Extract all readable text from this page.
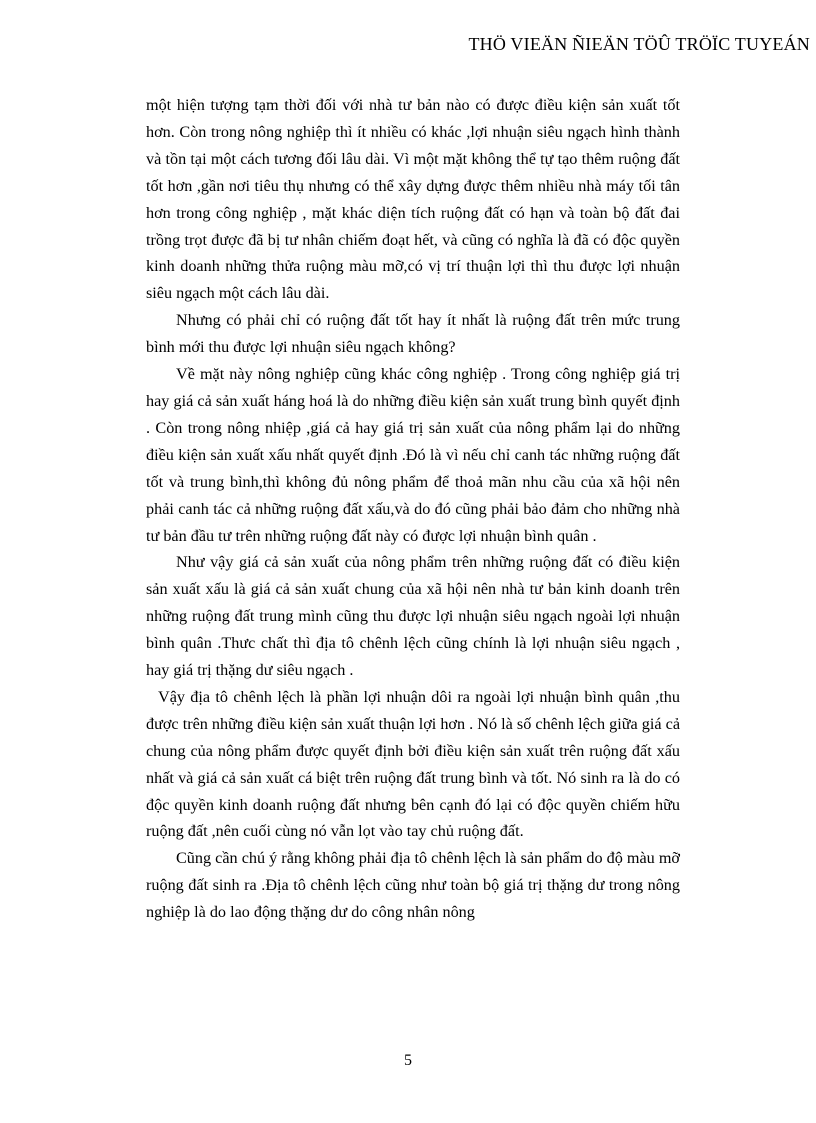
THÖ VIEÄN ÑIEÄN TÖÛ TRÖÏC TUYEÁN

một hiện tượng tạm thời đối với nhà tư bản nào có được điều kiện sản xuất tốt hơn. Còn trong nông nghiệp thì ít nhiều có khác ,lợi nhuận siêu ngạch hình thành và tồn tại một cách tương đối lâu dài. Vì một mặt không thể tự tạo thêm ruộng đất tốt hơn ,gần nơi tiêu thụ nhưng có thể xây dựng được thêm nhiều nhà máy tối tân hơn trong công nghiệp , mặt khác diện tích ruộng đất có hạn và toàn bộ đất đai trồng trọt được đã bị tư nhân chiếm đoạt hết, và cũng có nghĩa là đã có độc quyền kinh doanh những thửa ruộng màu mỡ,có vị trí thuận lợi thì thu được lợi nhuận siêu ngạch một cách lâu dài.

Nhưng có phải chỉ có ruộng đất tốt hay ít nhất là ruộng đất trên mức trung bình mới thu được lợi nhuận siêu ngạch không?

Về mặt này nông nghiệp cũng khác công nghiệp . Trong công nghiệp giá trị hay giá cả sản xuất háng hoá là do những điều kiện sản xuất trung bình quyết định . Còn trong nông nhiệp ,giá cả hay giá trị sản xuất của nông phẩm lại do những điều kiện sản xuất xấu nhất quyết định .Đó là vì nếu chỉ canh tác những ruộng đất tốt và trung bình,thì không đủ nông phẩm để thoả mãn nhu cầu của xã hội nên phải canh tác cả những ruộng đất xấu,và do đó cũng phải bảo đảm cho những nhà tư bản đầu tư trên những ruộng đất này có được lợi nhuận bình quân .

Như vậy giá cả sản xuất của nông phẩm trên những ruộng đất có điều kiện sản xuất xấu là giá cả sản xuất chung của xã hội nên nhà tư bản kinh doanh trên những ruộng đất trung mình cũng thu được lợi nhuận siêu ngạch ngoài lợi nhuận bình quân .Thưc chất thì địa tô chênh lệch cũng chính là lợi nhuận siêu ngạch , hay giá trị thặng dư siêu ngạch .

Vậy địa tô chênh lệch là phần lợi nhuận dôi ra ngoài lợi nhuận bình quân ,thu được trên những điều kiện sản xuất thuận lợi hơn . Nó là số chênh lệch giữa giá cả chung của nông phẩm được quyết định bởi điều kiện sản xuất trên ruộng đất xấu nhất và giá cả sản xuất cá biệt trên ruộng đất trung bình và tốt. Nó sinh ra là do có độc quyền kinh doanh ruộng đất nhưng bên cạnh đó lại có độc quyền chiếm hữu ruộng đất ,nên cuối cùng nó vẫn lọt vào tay chủ ruộng đất.

Cũng cần chú ý rằng không phải địa tô chênh lệch là sản phẩm do độ màu mỡ ruộng đất sinh ra .Địa tô chênh lệch cũng như toàn bộ giá trị thặng dư trong nông nghiệp là do lao động thặng dư do công nhân nông

5
